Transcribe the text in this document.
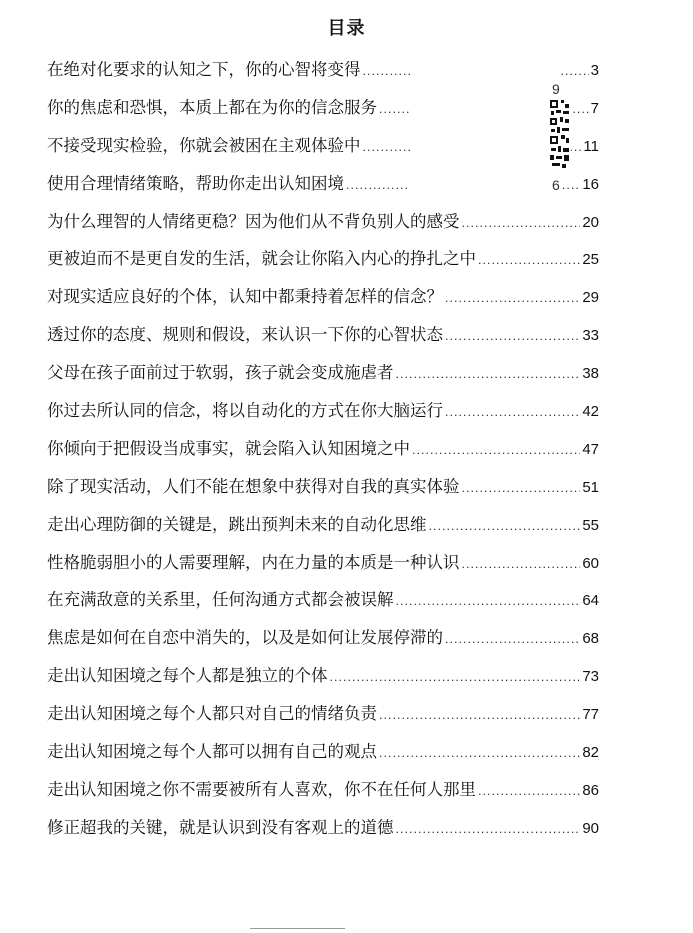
目录
在绝对化要求的认知之下，你的心智将变得 .....	3
你的焦虑和恐惧，本质上都在为你的信念服务 .....	7
不接受现实检验，你就会被困在主观体验中 .....	11
使用合理情绪策略，帮助你走出认知困境 .....	16
为什么理智的人情绪更稳？因为他们从不背负别人的感受 .....	20
更被迫而不是更自发的生活，就会让你陷入内心的挣扎之中 .....	25
对现实适应良好的个体，认知中都秉持着怎样的信念？ .....	29
透过你的态度、规则和假设，来认识一下你的心智状态 .....	33
父母在孩子面前过于软弱，孩子就会变成施虐者 .....	38
你过去所认同的信念，将以自动化的方式在你大脑运行 .....	42
你倾向于把假设当成事实，就会陷入认知困境之中 .....	47
除了现实活动，人们不能在想象中获得对自我的真实体验 .....	51
走出心理防御的关键是，跳出预判未来的自动化思维 .....	55
性格脆弱胆小的人需要理解，内在力量的本质是一种认识 .....	60
在充满敌意的关系里，任何沟通方式都会被误解 .....	64
焦虑是如何在自恋中消失的，以及是如何让发展停滞的 .....	68
走出认知困境之每个人都是独立的个体 .....	73
走出认知困境之每个人都只对自己的情绪负责 .....	77
走出认知困境之每个人都可以拥有自己的观点 .....	82
走出认知困境之你不需要被所有人喜欢，你不在任何人那里 .....	86
修正超我的关键，就是认识到没有客观上的道德 .....	90
9
6
